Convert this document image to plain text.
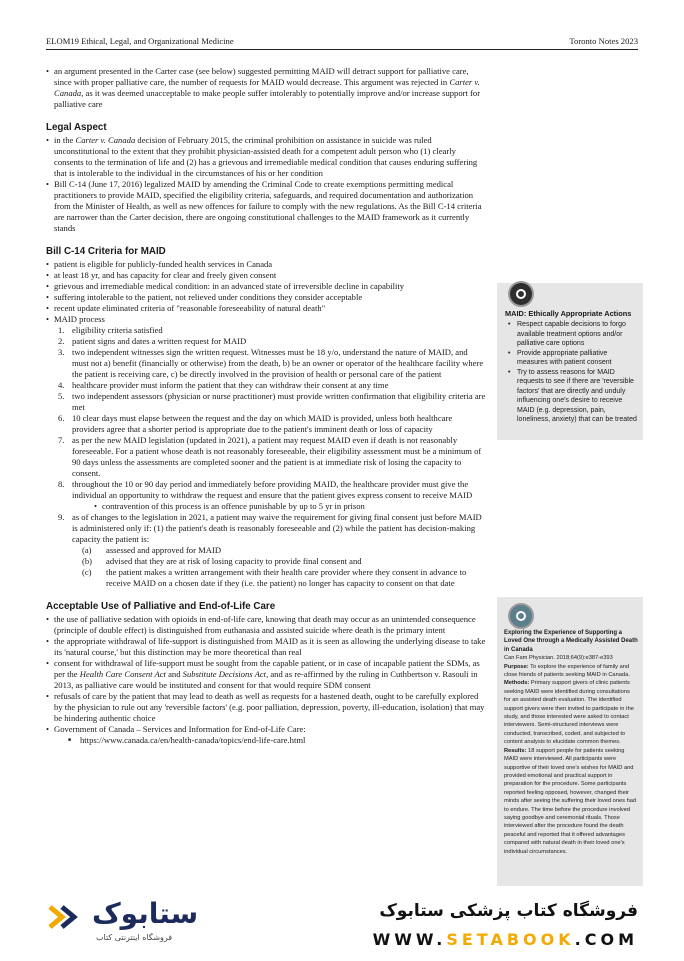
ELOM19 Ethical, Legal, and Organizational Medicine	Toronto Notes 2023
• an argument presented in the Carter case (see below) suggested permitting MAID will detract support for palliative care, since with proper palliative care, the number of requests for MAID would decrease. This argument was rejected in Carter v. Canada, as it was deemed unacceptable to make people suffer intolerably to potentially improve and/or increase support for palliative care
Legal Aspect
• in the Carter v. Canada decision of February 2015, the criminal prohibition on assistance in suicide was ruled unconstitutional to the extent that they prohibit physician-assisted death for a competent adult person who (1) clearly consents to the termination of life and (2) has a grievous and irremediable medical condition that causes enduring suffering that is intolerable to the individual in the circumstances of his or her condition
• Bill C-14 (June 17, 2016) legalized MAID by amending the Criminal Code to create exemptions permitting medical practitioners to provide MAID, specified the eligibility criteria, safeguards, and required documentation and authorization from the Minister of Health, as well as new offences for failure to comply with the new regulations. As the Bill C-14 criteria are narrower than the Carter decision, there are ongoing constitutional challenges to the MAID framework as it currently stands
Bill C-14 Criteria for MAID
• patient is eligible for publicly-funded health services in Canada
• at least 18 yr, and has capacity for clear and freely given consent
• grievous and irremediable medical condition: in an advanced state of irreversible decline in capability
• suffering intolerable to the patient, not relieved under conditions they consider acceptable
• recent update eliminated criteria of "reasonable foreseeability of natural death"
• MAID process
1. eligibility criteria satisfied
2. patient signs and dates a written request for MAID
3. two independent witnesses sign the written request. Witnesses must be 18 y/o, understand the nature of MAID, and must not a) benefit (financially or otherwise) from the death, b) be an owner or operator of the healthcare facility where the patient is receiving care, c) be directly involved in the provision of health or personal care of the patient
4. healthcare provider must inform the patient that they can withdraw their consent at any time
5. two independent assessors (physician or nurse practitioner) must provide written confirmation that eligibility criteria are met
6. 10 clear days must elapse between the request and the day on which MAID is provided, unless both healthcare providers agree that a shorter period is appropriate due to the patient's imminent death or loss of capacity
7. as per the new MAID legislation (updated in 2021), a patient may request MAID even if death is not reasonably foreseeable. For a patient whose death is not reasonably foreseeable, their eligibility assessment must be a minimum of 90 days unless the assessments are completed sooner and the patient is at immediate risk of losing the capacity to consent.
8. throughout the 10 or 90 day period and immediately before providing MAID, the healthcare provider must give the individual an opportunity to withdraw the request and ensure that the patient gives express consent to receive MAID
• contravention of this process is an offence punishable by up to 5 yr in prison
9. as of changes to the legislation in 2021, a patient may waive the requirement for giving final consent just before MAID is administered only if: (1) the patient's death is reasonably foreseeable and (2) while the patient has decision-making capacity the patient is:
(a) assessed and approved for MAID
(b) advised that they are at risk of losing capacity to provide final consent and
(c) the patient makes a written arrangement with their health care provider where they consent in advance to receive MAID on a chosen date if they (i.e. the patient) no longer has capacity to consent on that date
Acceptable Use of Palliative and End-of-Life Care
• the use of palliative sedation with opioids in end-of-life care, knowing that death may occur as an unintended consequence (principle of double effect) is distinguished from euthanasia and assisted suicide where death is the primary intent
• the appropriate withdrawal of life-support is distinguished from MAID as it is seen as allowing the underlying disease to take its 'natural course,' but this distinction may be more theoretical than real
• consent for withdrawal of life-support must be sought from the capable patient, or in case of incapable patient the SDMs, as per the Health Care Consent Act and Substitute Decisions Act, and as re-affirmed by the ruling in Cuthbertson v. Rasouli in 2013, as palliative care would be instituted and consent for that would require SDM consent
• refusals of care by the patient that may lead to death as well as requests for a hastened death, ought to be carefully explored by the physician to rule out any 'reversible factors' (e.g. poor palliation, depression, poverty, ill-education, isolation) that may be hindering authentic choice
• Government of Canada – Services and Information for End-of-Life Care:
■ https://www.canada.ca/en/health-canada/topics/end-life-care.html
MAID: Ethically Appropriate Actions
• Respect capable decisions to forgo available treatment options and/or palliative care options
• Provide appropriate palliative measures with patient consent
• Try to assess reasons for MAID requests to see if there are 'reversible factors' that are directly and unduly influencing one's desire to receive MAID (e.g. depression, pain, loneliness, anxiety) that can be treated
Exploring the Experience of Supporting a Loved One through a Medically Assisted Death in Canada
Can Fam Physician. 2018;64(9):e387-e393
Purpose: To explore the experience of family and close friends of patients seeking MAID in Canada.
Methods: Primary support givers of clinic patients seeking MAID were identified during consultations for an assisted death evaluation. The identified support givers were then invited to participate in the study, and those interested were asked to contact interviewers. Semi-structured interviews were conducted, transcribed, coded, and subjected to content analysis to elucidate common themes.
Results: 18 support people for patients seeking MAID were interviewed. All participants were supportive of their loved one's wishes for MAID and provided emotional and practical support in preparation for the procedure. Some participants reported feeling opposed, however, changed their minds after seeing the suffering their loved ones had to endure. The time before the procedure involved saying goodbye and ceremonial rituals. Those interviewed after the procedure found the death peaceful and reported that it offered advantages compared with natural death in their loved one's individual circumstances.
ستابوک
فروشگاه اینترنتی کتاب
فروشگاه کتاب پزشکی ستابوک
WWW.SETABOOK.COM
